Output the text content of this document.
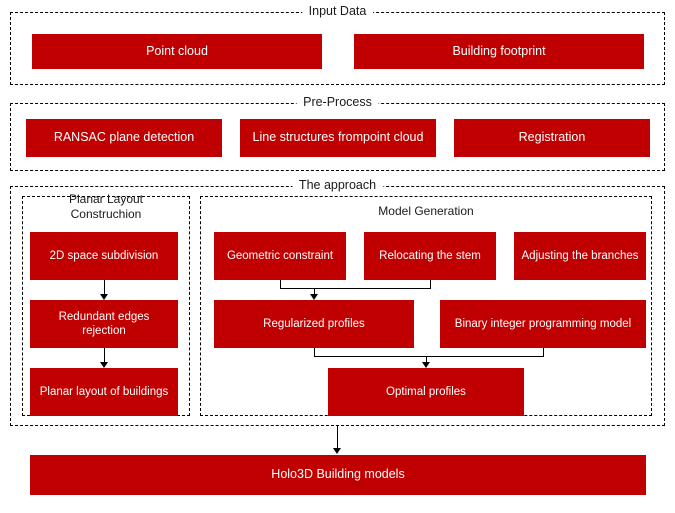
Input Data
Point cloud	Building footprint
Pre-Process
RANSAC plane detection	Line structures frompoint cloud	Registration
The approach
Planar Layout Construchion	Model Generation
2D space subdivision
Redundant edges rejection
Planar layout of buildings
Geometric constraint	Relocating the stem	Adjusting the branches
Regularized profiles	Binary integer programming model
Optimal profiles
Holo3D Building models
